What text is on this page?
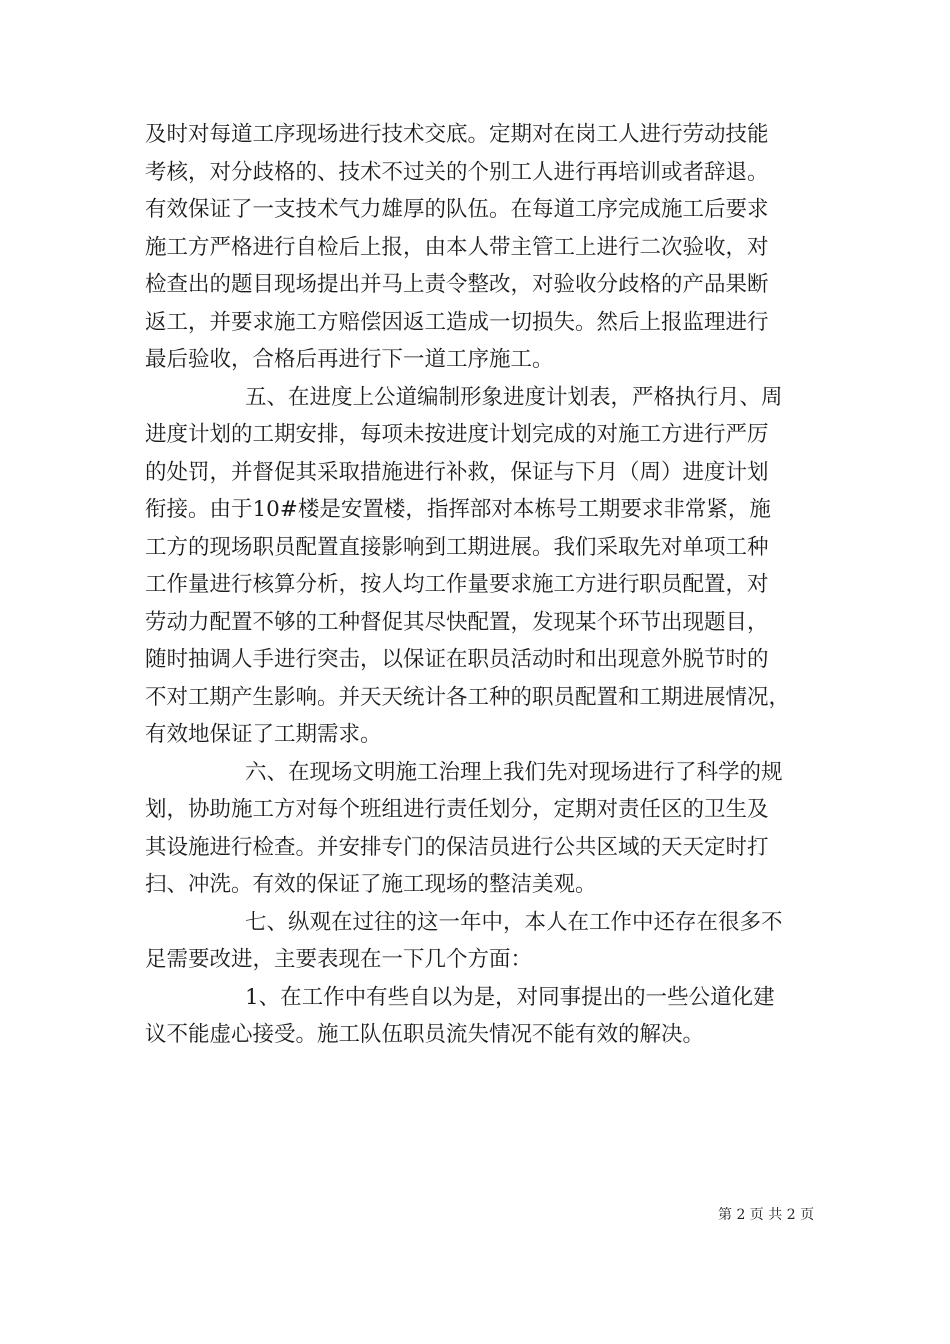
及时对每道工序现场进行技术交底。定期对在岗工人进行劳动技能
考核，对分歧格的、技术不过关的个别工人进行再培训或者辞退。
有效保证了一支技术气力雄厚的队伍。在每道工序完成施工后要求
施工方严格进行自检后上报，由本人带主管工上进行二次验收，对
检查出的题目现场提出并马上责令整改，对验收分歧格的产品果断
返工，并要求施工方赔偿因返工造成一切损失。然后上报监理进行
最后验收，合格后再进行下一道工序施工。
五、在进度上公道编制形象进度计划表，严格执行月、周
进度计划的工期安排，每项未按进度计划完成的对施工方进行严厉
的处罚，并督促其采取措施进行补救，保证与下月（周）进度计划
衔接。由于10#楼是安置楼，指挥部对本栋号工期要求非常紧，施
工方的现场职员配置直接影响到工期进展。我们采取先对单项工种
工作量进行核算分析，按人均工作量要求施工方进行职员配置，对
劳动力配置不够的工种督促其尽快配置，发现某个环节出现题目，
随时抽调人手进行突击，以保证在职员活动时和出现意外脱节时的
不对工期产生影响。并天天统计各工种的职员配置和工期进展情况，
有效地保证了工期需求。
六、在现场文明施工治理上我们先对现场进行了科学的规
划，协助施工方对每个班组进行责任划分，定期对责任区的卫生及
其设施进行检查。并安排专门的保洁员进行公共区域的天天定时打
扫、冲洗。有效的保证了施工现场的整洁美观。
七、纵观在过往的这一年中，本人在工作中还存在很多不
足需要改进，主要表现在一下几个方面：
1、在工作中有些自以为是，对同事提出的一些公道化建
议不能虚心接受。施工队伍职员流失情况不能有效的解决。
第 2 页 共 2 页
